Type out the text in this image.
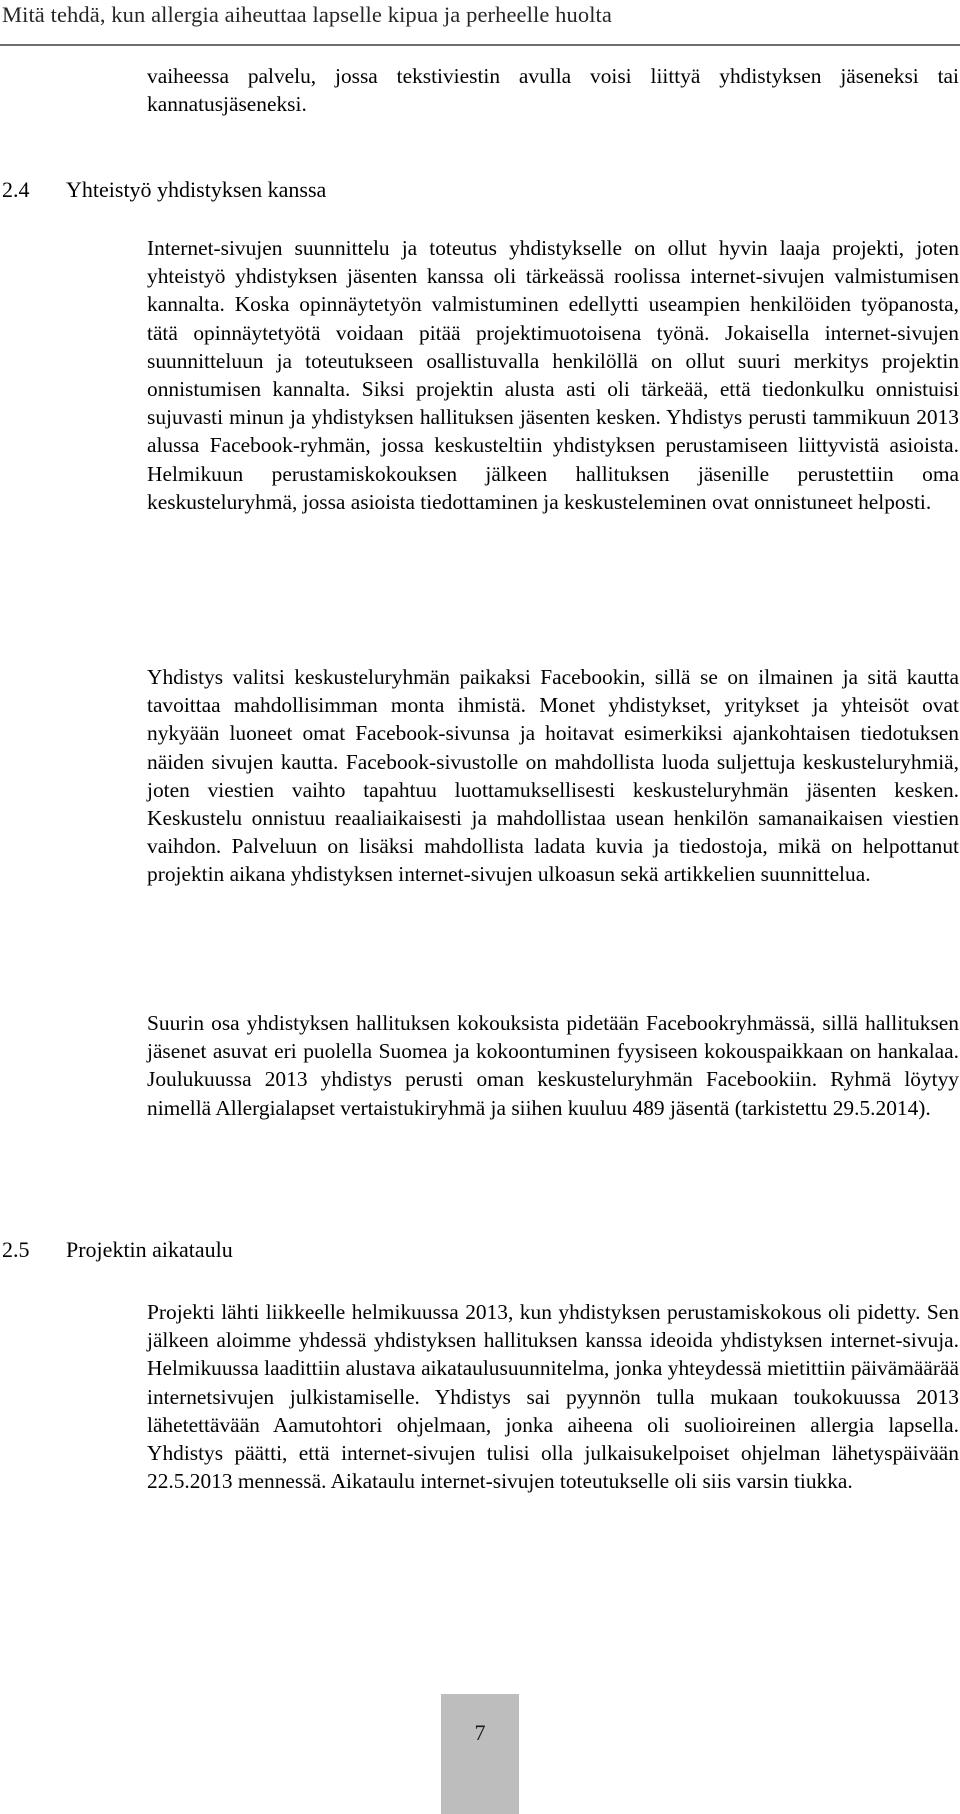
Mitä tehdä, kun allergia aiheuttaa lapselle kipua ja perheelle huolta

vaiheessa palvelu, jossa tekstiviestin avulla voisi liittyä yhdistyksen jäseneksi tai kannatusjäseneksi.

2.4 Yhteistyö yhdistyksen kanssa

Internet-sivujen suunnittelu ja toteutus yhdistykselle on ollut hyvin laaja projekti, joten yhteistyö yhdistyksen jäsenten kanssa oli tärkeässä roolissa internet-sivujen valmistumisen kannalta. Koska opinnäytetyön valmistuminen edellytti useampien henkilöiden työpanosta, tätä opinnäytetyötä voidaan pitää projektimuotoisena työnä. Jokaisella internet-sivujen suunnitteluun ja toteutukseen osallistuvalla henkilöllä on ollut suuri merkitys projektin onnistumisen kannalta. Siksi projektin alusta asti oli tärkeää, että tiedonkulku onnistuisi sujuvasti minun ja yhdistyksen hallituksen jäsenten kesken. Yhdistys perusti tammikuun 2013 alussa Facebook-ryhmän, jossa keskusteltiin yhdistyksen perustamiseen liittyvistä asioista. Helmikuun perustamiskokouksen jälkeen hallituksen jäsenille perustettiin oma keskusteluryhmä, jossa asioista tiedottaminen ja keskusteleminen ovat onnistuneet helposti.

Yhdistys valitsi keskusteluryhmän paikaksi Facebookin, sillä se on ilmainen ja sitä kautta tavoittaa mahdollisimman monta ihmistä. Monet yhdistykset, yritykset ja yhteisöt ovat nykyään luoneet omat Facebook-sivunsa ja hoitavat esimerkiksi ajankohtaisen tiedotuksen näiden sivujen kautta. Facebook-sivustolle on mahdollista luoda suljettuja keskusteluryhmiä, joten viestien vaihto tapahtuu luottamuksellisesti keskusteluryhmän jäsenten kesken. Keskustelu onnistuu reaaliaikaisesti ja mahdollistaa usean henkilön samanaikaisen viestien vaihdon. Palveluun on lisäksi mahdollista ladata kuvia ja tiedostoja, mikä on helpottanut projektin aikana yhdistyksen internet-sivujen ulkoasun sekä artikkelien suunnittelua.

Suurin osa yhdistyksen hallituksen kokouksista pidetään Facebookryhmässä, sillä hallituksen jäsenet asuvat eri puolella Suomea ja kokoontuminen fyysiseen kokouspaikkaan on hankalaa. Joulukuussa 2013 yhdistys perusti oman keskusteluryhmän Facebookiin. Ryhmä löytyy nimellä Allergialapset vertaistukiryhmä ja siihen kuuluu 489 jäsentä (tarkistettu 29.5.2014).

2.5 Projektin aikataulu

Projekti lähti liikkeelle helmikuussa 2013, kun yhdistyksen perustamiskokous oli pidetty. Sen jälkeen aloimme yhdessä yhdistyksen hallituksen kanssa ideoida yhdistyksen internet-sivuja. Helmikuussa laadittiin alustava aikataulusuunnitelma, jonka yhteydessä mietittiin päivämäärää internetsivujen julkistamiselle. Yhdistys sai pyynnön tulla mukaan toukokuussa 2013 lähetettävään Aamutohtori ohjelmaan, jonka aiheena oli suolioireinen allergia lapsella. Yhdistys päätti, että internet-sivujen tulisi olla julkaisukelpoiset ohjelman lähetyspäivään 22.5.2013 mennessä. Aikataulu internet-sivujen toteutukselle oli siis varsin tiukka.

7
